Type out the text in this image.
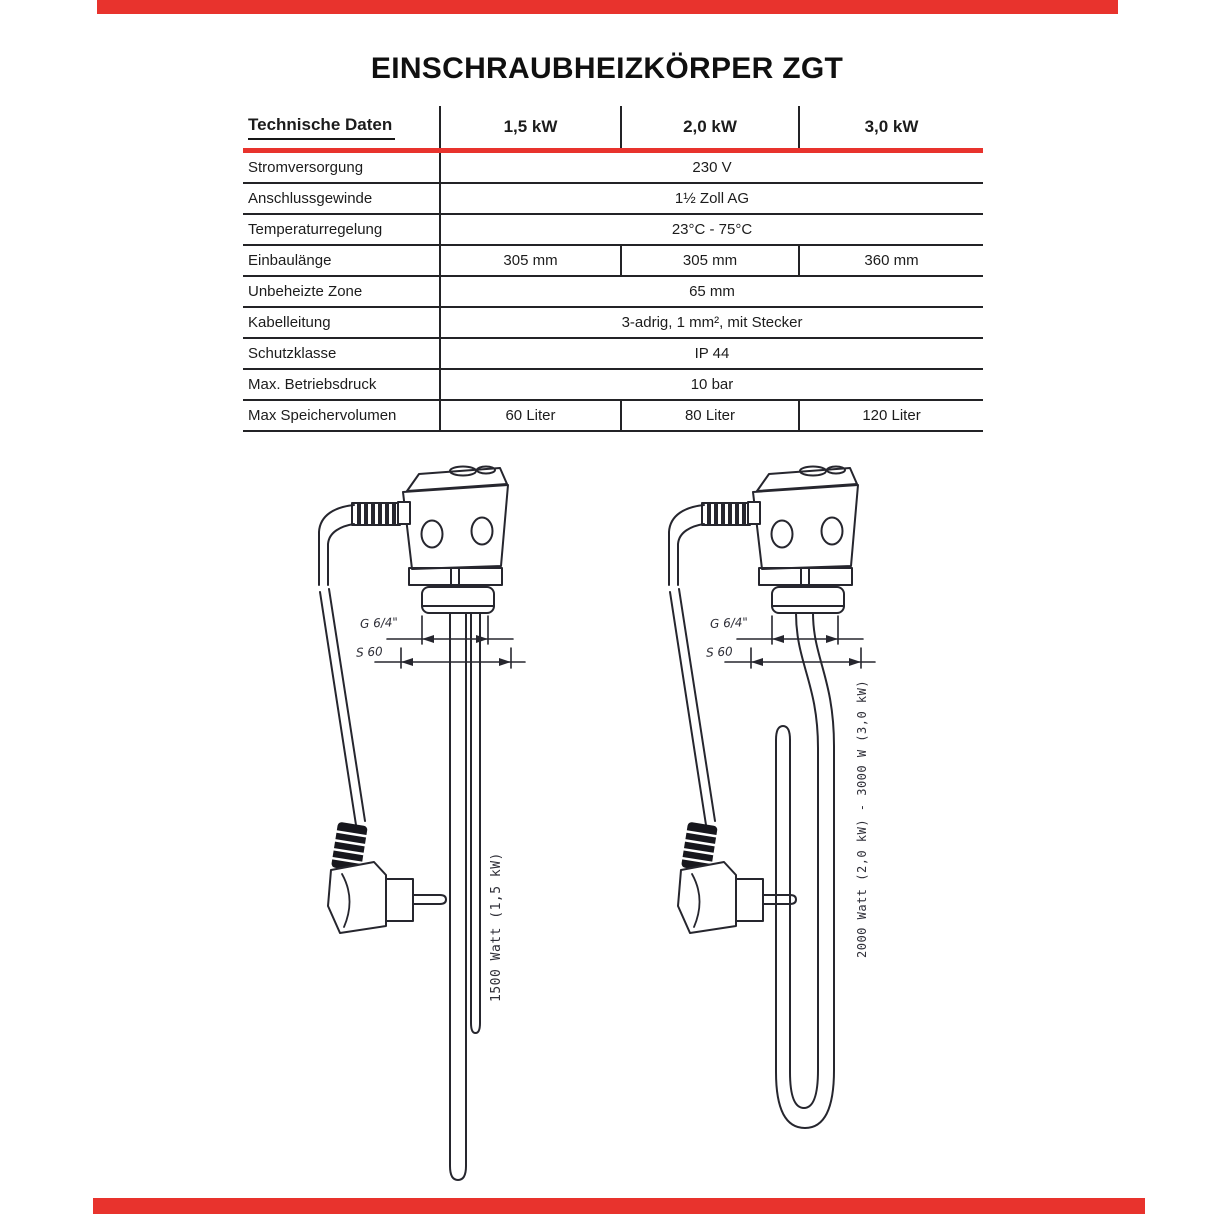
EINSCHRAUBHEIZKÖRPER ZGT
Technische Daten	1,5 kW	2,0 kW	3,0 kW
Stromversorgung	230 V
Anschlussgewinde	1½ Zoll AG
Temperaturregelung	23°C - 75°C
Einbaulänge	305 mm	305 mm	360 mm
Unbeheizte Zone	65 mm
Kabelleitung	3-adrig, 1 mm², mit Stecker
Schutzklasse	IP 44
Max. Betriebsdruck	10 bar
Max Speichervolumen	60 Liter	80 Liter	120 Liter
G 6/4"
S 60
G 6/4"
S 60
1500 Watt (1,5 kW)	2000 Watt (2,0 kW) - 3000 W (3,0 kW)
